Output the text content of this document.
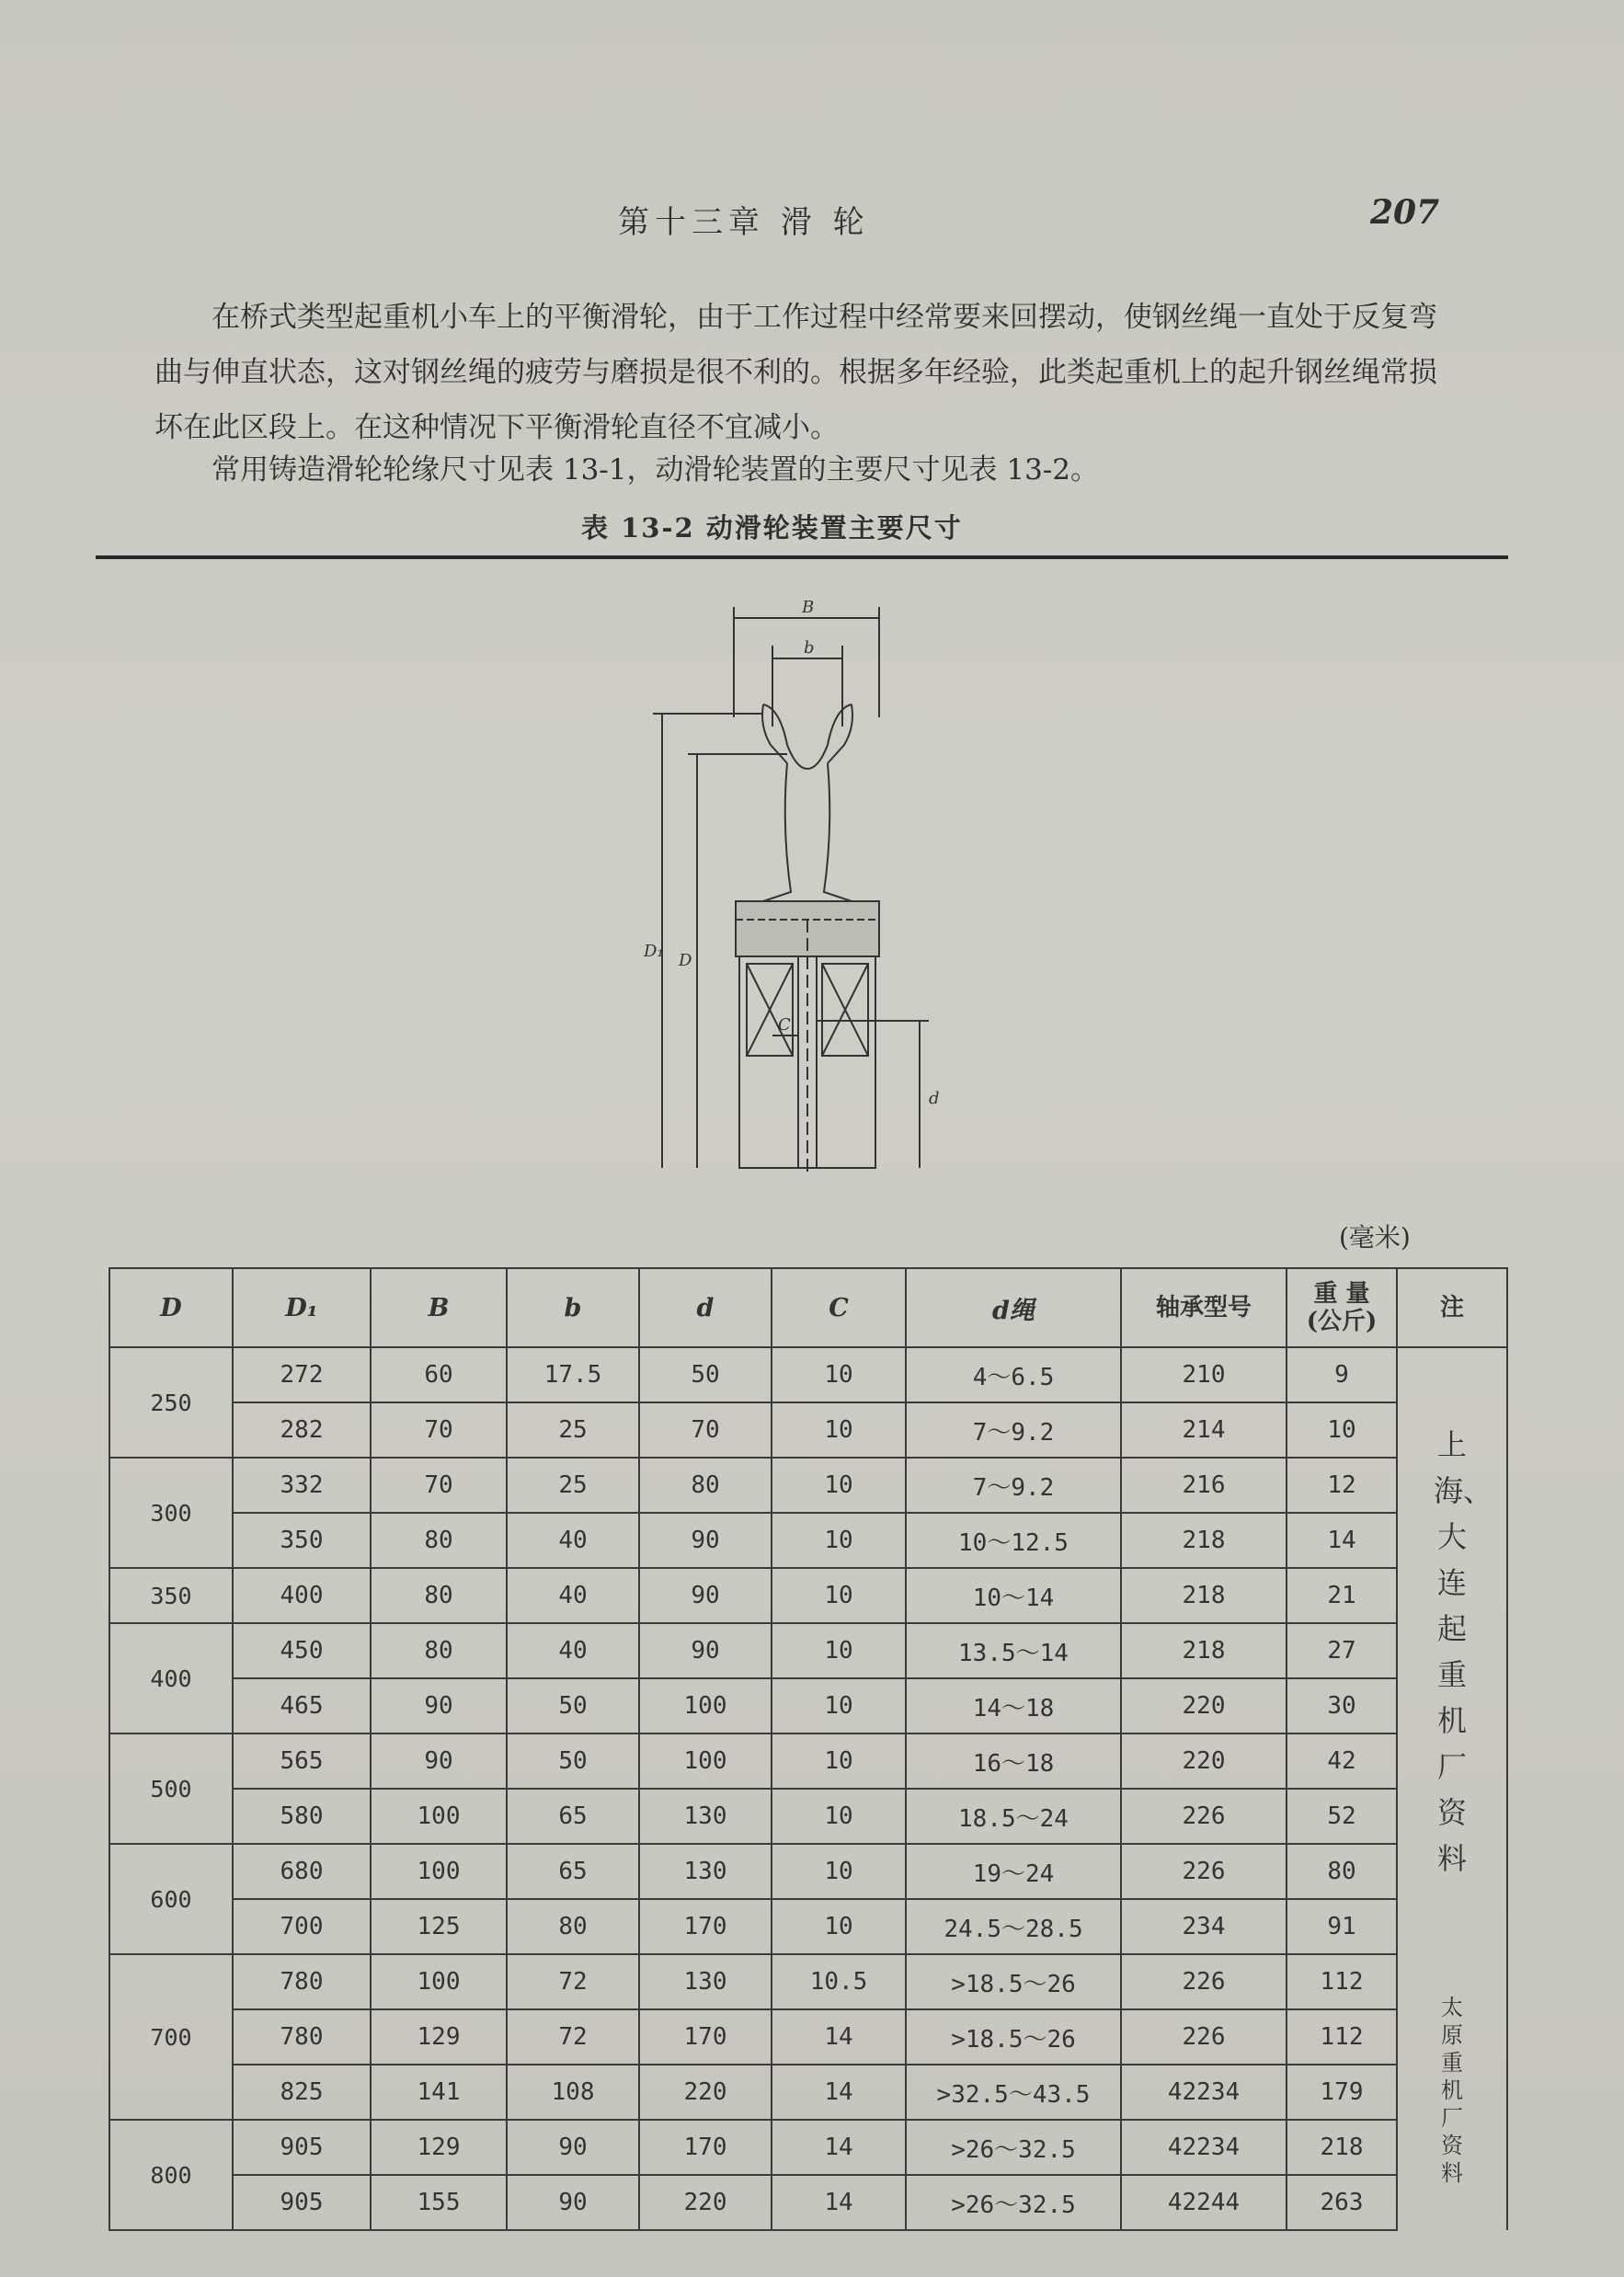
第十三章 滑 轮	207

在桥式类型起重机小车上的平衡滑轮，由于工作过程中经常要来回摆动，使钢丝绳一直处于反复弯曲与伸直状态，这对钢丝绳的疲劳与磨损是很不利的。根据多年经验，此类起重机上的起升钢丝绳常损坏在此区段上。在这种情况下平衡滑轮直径不宜减小。

常用铸造滑轮轮缘尺寸见表 13-1，动滑轮装置的主要尺寸见表 13-2。

表 13-2 动滑轮装置主要尺寸
B
b
D₁ D
d
C
(毫米)
D	D₁	B	b	d	C	d绳	轴承型号	重 量
(公斤)	注
250	272	60	17.5	50	10	4～6.5	210	9	上海、大连起重机厂资料
	282	70	25	70	10	7～9.2	214	10	
300	332	70	25	80	10	7～9.2	216	12	
	350	80	40	90	10	10～12.5	218	14	
350	400	80	40	90	10	10～14	218	21	
400	450	80	40	90	10	13.5～14	218	27	
	465	90	50	100	10	14～18	220	30	
500	565	90	50	100	10	16～18	220	42	
	580	100	65	130	10	18.5～24	226	52	
600	680	100	65	130	10	19～24	226	80	
	700	125	80	170	10	24.5～28.5	234	91	
700	780	100	72	130	10.5	>18.5～26	226	112	太原重机厂资料
	780	129	72	170	14	>18.5～26	226	112	
	825	141	108	220	14	>32.5～43.5	42234	179	
800	905	129	90	170	14	>26～32.5	42234	218	
	905	155	90	220	14	>26～32.5	42244	263	
